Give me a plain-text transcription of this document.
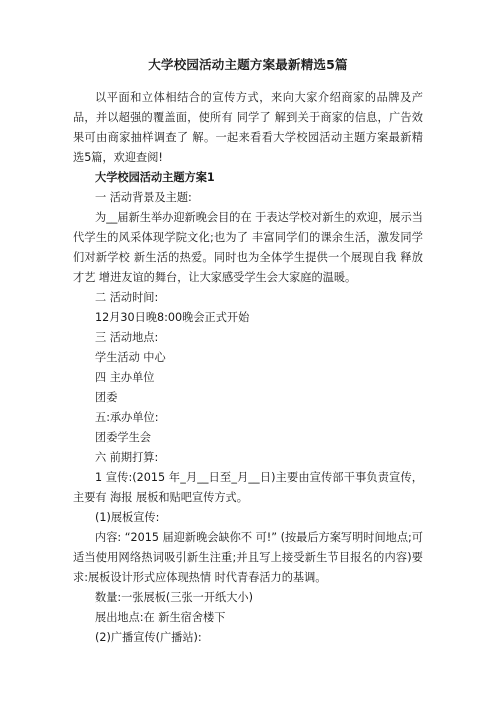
大学校园活动主题方案最新精选5篇

以平面和立体相结合的宣传方式，来向大家介绍商家的品牌及产品，并以超强的覆盖面，使所有 同学了 解到关于商家的信息，广告效果可由商家抽样调查了 解。一起来看看大学校园活动主题方案最新精选5篇，欢迎查阅!

大学校园活动主题方案1

一 活动背景及主题:

为__届新生举办迎新晚会目的在 于表达学校对新生的欢迎，展示当代学生的风采体现学院文化;也为了 丰富同学们的课余生活，激发同学们对新学校 新生活的热爱。同时也为全体学生提供一个展现自我 释放才艺 增进友谊的舞台，让大家感受学生会大家庭的温暖。

二 活动时间:

12月30日晚8:00晚会正式开始

三 活动地点:

学生活动 中心

四 主办单位

团委

五:承办单位:

团委学生会

六 前期打算:

1 宣传:(2015 年_月__日至_月__日)主要由宣传部干事负责宣传，主要有 海报 展板和贴吧宣传方式。

(1)展板宣传:

内容: “2015 届迎新晚会缺你不 可!” (按最后方案写明时间地点;可适当使用网络热词吸引新生注重;并且写上接受新生节目报名的内容)要求:展板设计形式应体现热情 时代青春活力的基调。

数量:一张展板(三张一开纸大小)

展出地点:在 新生宿舍楼下

(2)广播宣传(广播站):
